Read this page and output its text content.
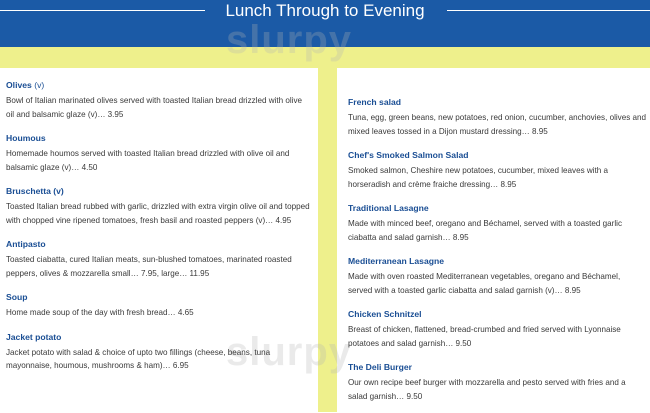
Lunch Through to Evening
slurpy
slurpy
Olives (v)
Bowl of Italian marinated olives served with toasted Italian bread drizzled with olive oil and balsamic glaze (v)… 3.95
Houmous
Homemade houmos served with toasted Italian bread drizzled with olive oil and balsamic glaze (v)… 4.50
Bruschetta (v)
Toasted Italian bread rubbed with garlic, drizzled with extra virgin olive oil and topped with chopped vine ripened tomatoes, fresh basil and roasted peppers (v)… 4.95
Antipasto
Toasted ciabatta, cured Italian meats, sun-blushed tomatoes, marinated roasted peppers, olives & mozzarella small… 7.95, large… 11.95
Soup
Home made soup of the day with fresh bread… 4.65
Jacket potato
Jacket potato with salad & choice of upto two fillings (cheese, beans, tuna mayonnaise, houmous, mushrooms & ham)… 6.95
French salad
Tuna, egg, green beans, new potatoes, red onion, cucumber, anchovies, olives and mixed leaves tossed in a Dijon mustard dressing… 8.95
Chef's Smoked Salmon Salad
Smoked salmon, Cheshire new potatoes, cucumber, mixed leaves with a horseradish and crème fraiche dressing… 8.95
Traditional Lasagne
Made with minced beef, oregano and Béchamel, served with a toasted garlic ciabatta and salad garnish… 8.95
Mediterranean Lasagne
Made with oven roasted Mediterranean vegetables, oregano and Béchamel, served with a toasted garlic ciabatta and salad garnish (v)… 8.95
Chicken Schnitzel
Breast of chicken, flattened, bread-crumbed and fried served with Lyonnaise potatoes and salad garnish… 9.50
The Deli Burger
Our own recipe beef burger with mozzarella and pesto served with fries and a salad garnish… 9.50
